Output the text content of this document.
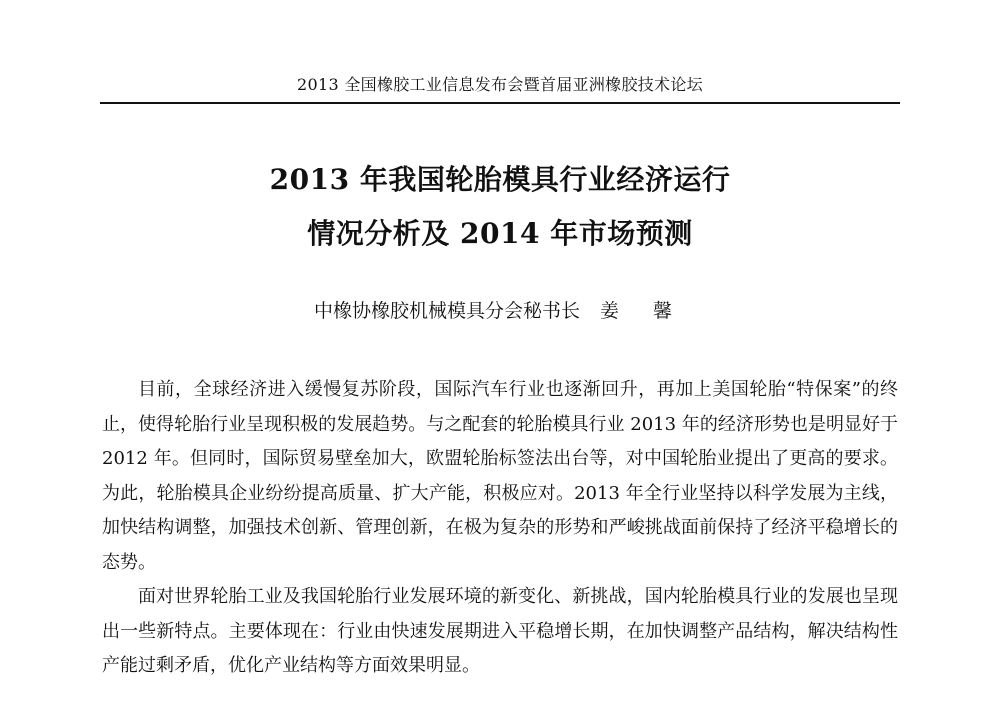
2013 全国橡胶工业信息发布会暨首届亚洲橡胶技术论坛
2013 年我国轮胎模具行业经济运行
情况分析及 2014 年市场预测
中橡协橡胶机械模具分会秘书长 姜 馨

目前，全球经济进入缓慢复苏阶段，国际汽车行业也逐渐回升，再加上美国轮胎“特保案”的终止，使得轮胎行业呈现积极的发展趋势。与之配套的轮胎模具行业 2013 年的经济形势也是明显好于 2012 年。但同时，国际贸易壁垒加大，欧盟轮胎标签法出台等，对中国轮胎业提出了更高的要求。为此，轮胎模具企业纷纷提高质量、扩大产能，积极应对。2013 年全行业坚持以科学发展为主线，加快结构调整，加强技术创新、管理创新，在极为复杂的形势和严峻挑战面前保持了经济平稳增长的态势。

面对世界轮胎工业及我国轮胎行业发展环境的新变化、新挑战，国内轮胎模具行业的发展也呈现出一些新特点。主要体现在：行业由快速发展期进入平稳增长期，在加快调整产品结构，解决结构性产能过剩矛盾，优化产业结构等方面效果明显。
